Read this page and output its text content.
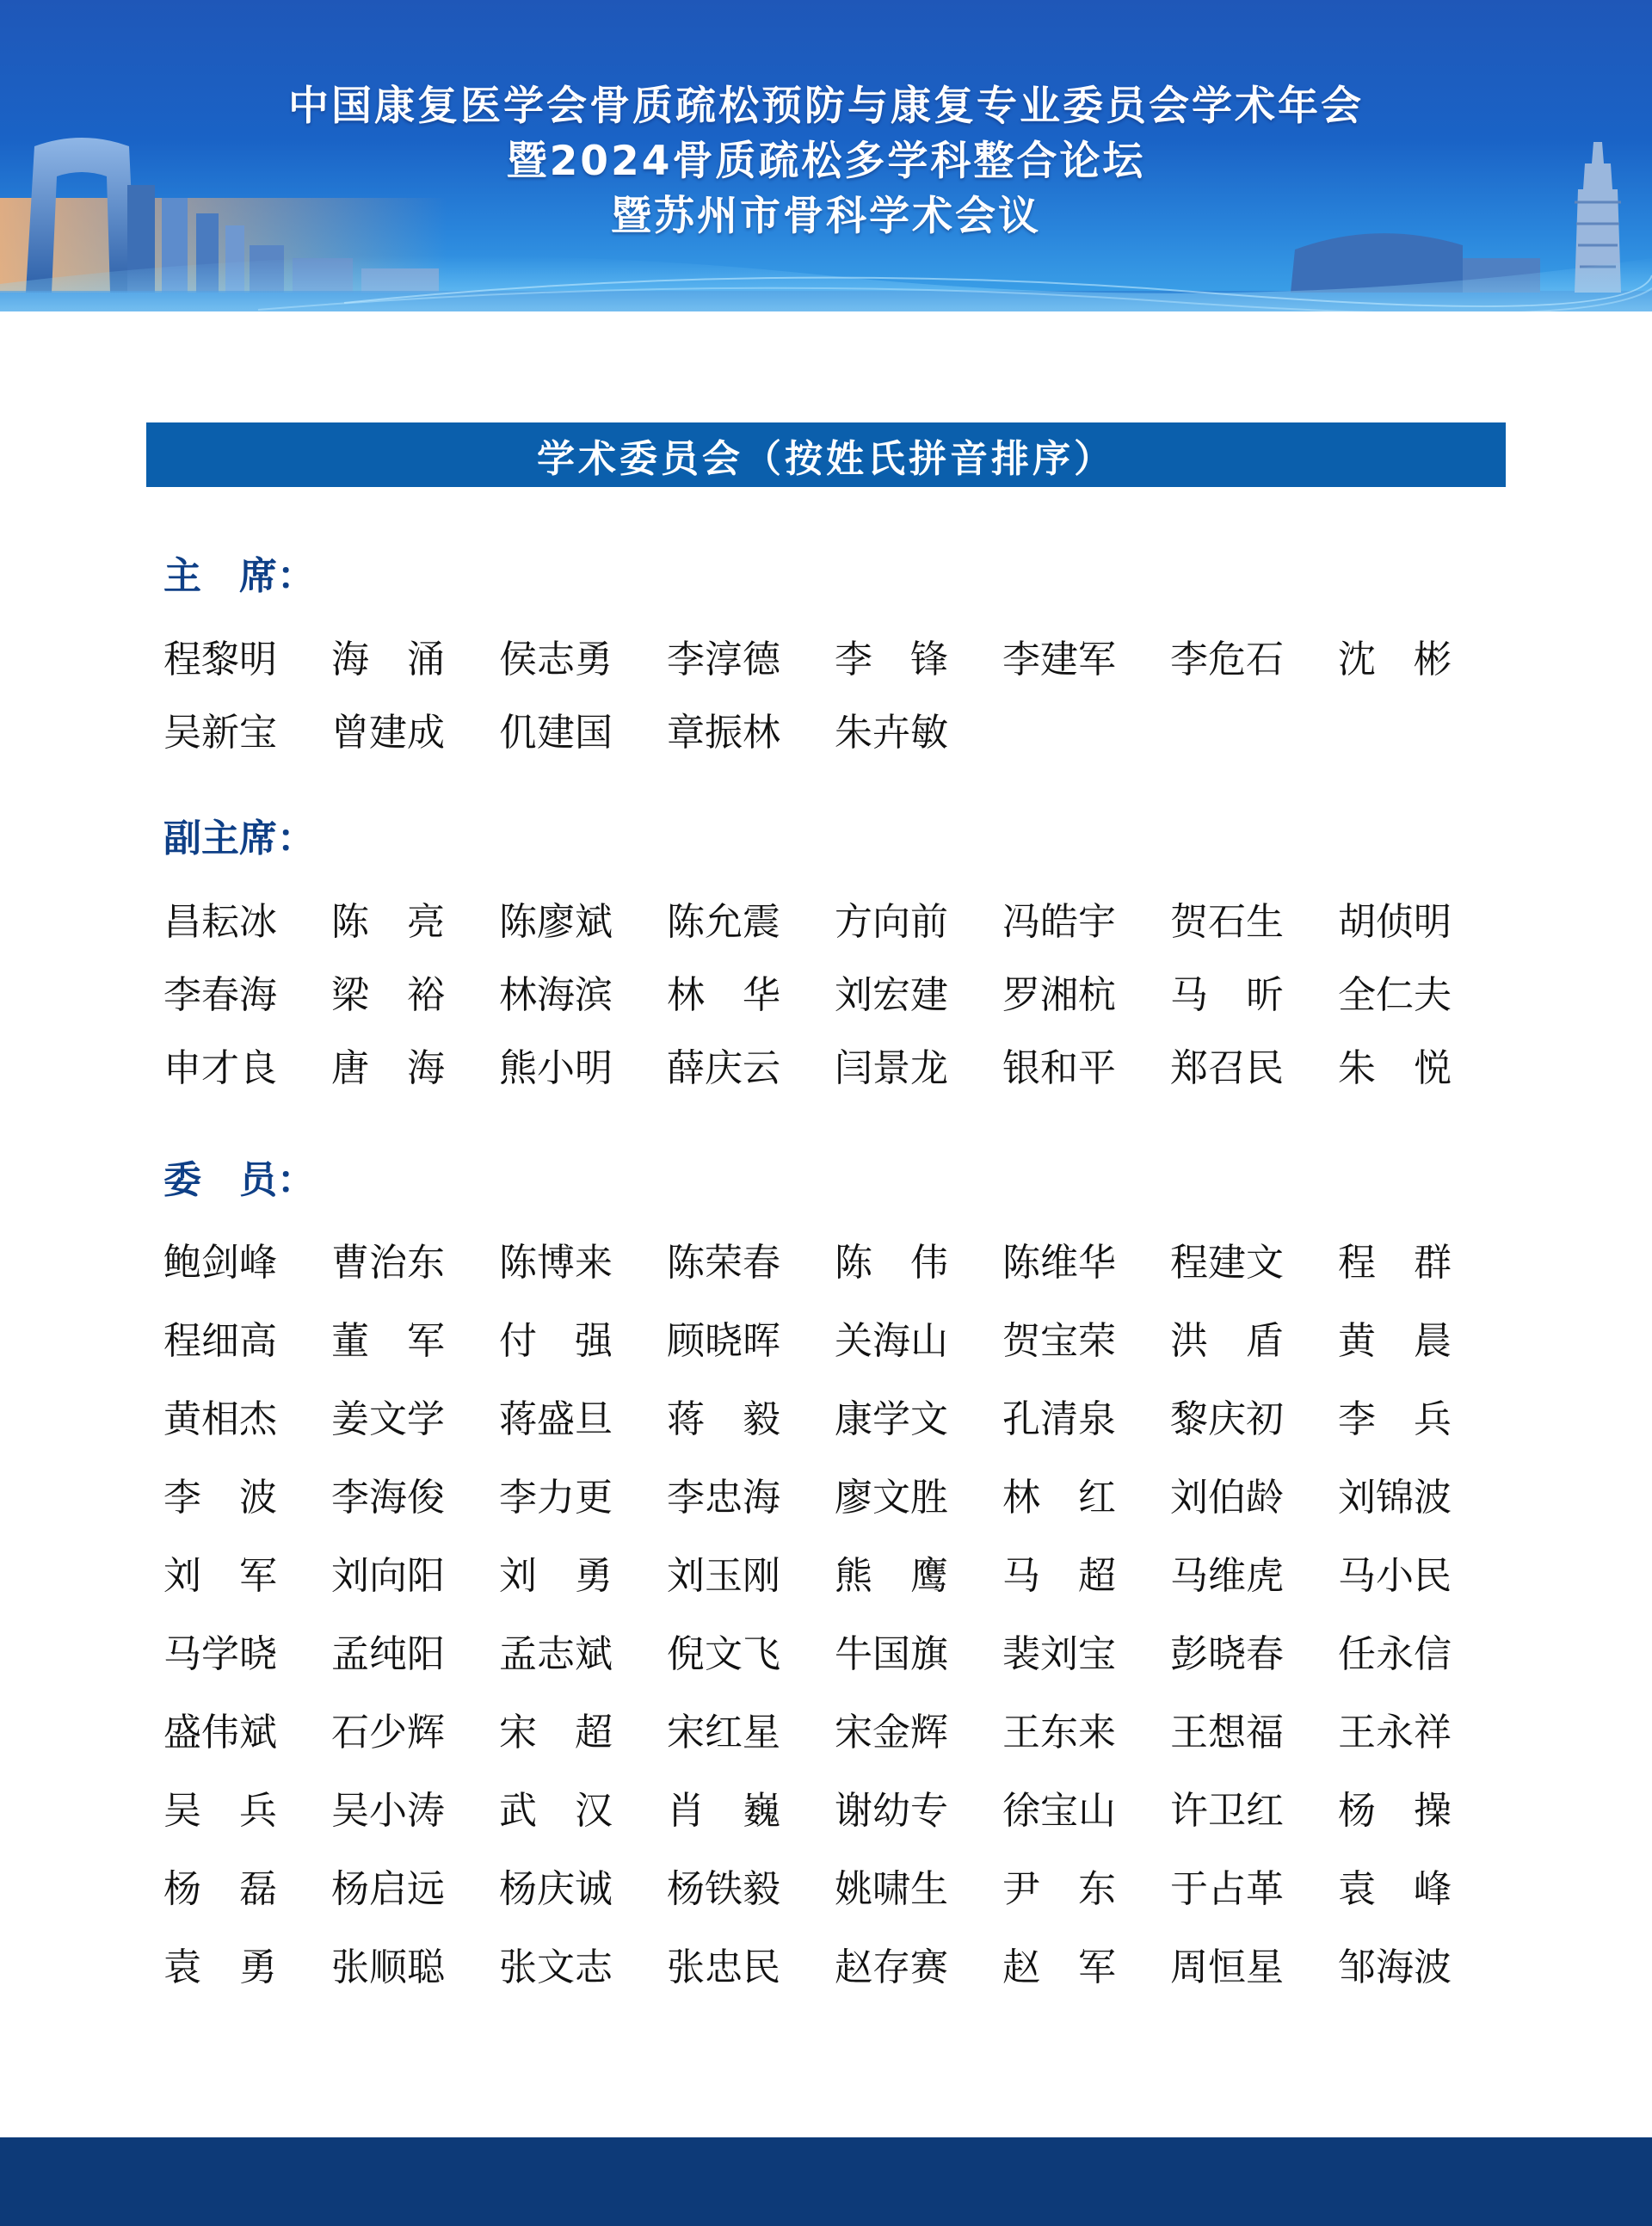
中国康复医学会骨质疏松预防与康复专业委员会学术年会
暨2024骨质疏松多学科整合论坛
暨苏州市骨科学术会议
学术委员会（按姓氏拼音排序）
主　席：
程黎明	海　涌	侯志勇	李淳德	李　锋	李建军	李危石	沈　彬
吴新宝	曾建成	仉建国	章振林	朱卉敏
副主席：
昌耘冰	陈　亮	陈廖斌	陈允震	方向前	冯皓宇	贺石生	胡侦明
李春海	梁　裕	林海滨	林　华	刘宏建	罗湘杭	马　昕	全仁夫
申才良	唐　海	熊小明	薛庆云	闫景龙	银和平	郑召民	朱　悦
委　员：
鲍剑峰	曹治东	陈博来	陈荣春	陈　伟	陈维华	程建文	程　群
程细高	董　军	付　强	顾晓晖	关海山	贺宝荣	洪　盾	黄　晨
黄相杰	姜文学	蒋盛旦	蒋　毅	康学文	孔清泉	黎庆初	李　兵
李　波	李海俊	李力更	李忠海	廖文胜	林　红	刘伯龄	刘锦波
刘　军	刘向阳	刘　勇	刘玉刚	熊　鹰	马　超	马维虎	马小民
马学晓	孟纯阳	孟志斌	倪文飞	牛国旗	裴刘宝	彭晓春	任永信
盛伟斌	石少辉	宋　超	宋红星	宋金辉	王东来	王想福	王永祥
吴　兵	吴小涛	武　汉	肖　巍	谢幼专	徐宝山	许卫红	杨　操
杨　磊	杨启远	杨庆诚	杨铁毅	姚啸生	尹　东	于占革	袁　峰
袁　勇	张顺聪	张文志	张忠民	赵存赛	赵　军	周恒星	邹海波
